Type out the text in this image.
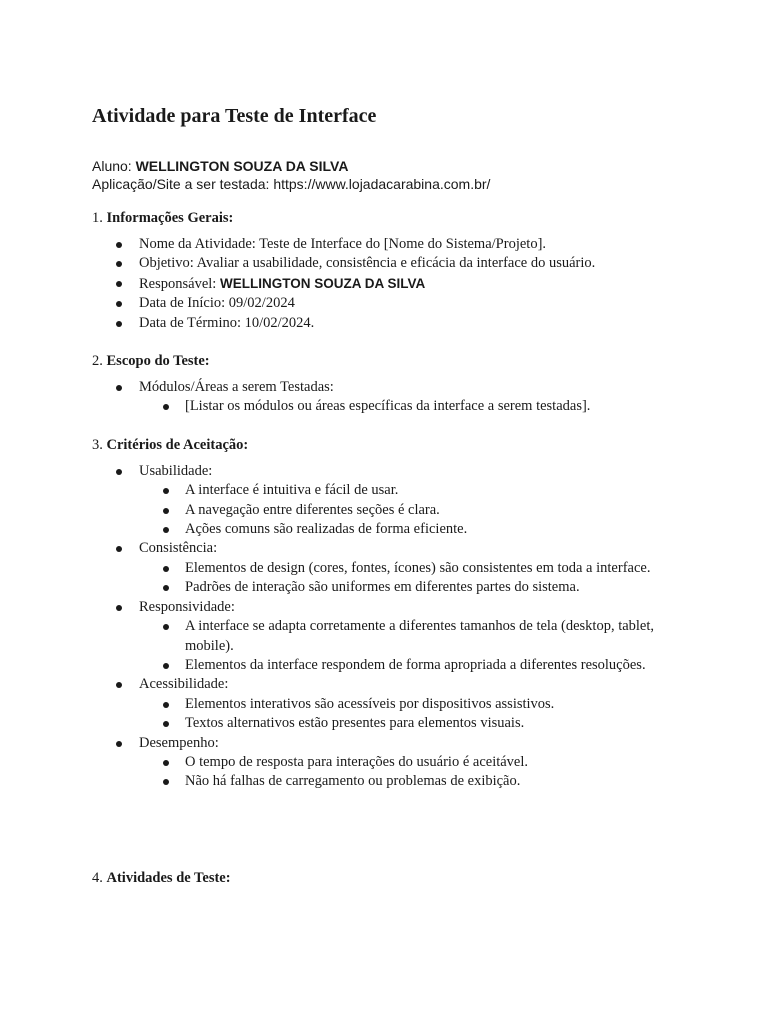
Atividade para Teste de Interface
Aluno: WELLINGTON SOUZA DA SILVA
Aplicação/Site a ser testada: https://www.lojadacarabina.com.br/
1. Informações Gerais:
Nome da Atividade: Teste de Interface do [Nome do Sistema/Projeto].
Objetivo: Avaliar a usabilidade, consistência e eficácia da interface do usuário.
Responsável: WELLINGTON SOUZA DA SILVA
Data de Início: 09/02/2024
Data de Término: 10/02/2024.
2. Escopo do Teste:
Módulos/Áreas a serem Testadas:
[Listar os módulos ou áreas específicas da interface a serem testadas].
3. Critérios de Aceitação:
Usabilidade:
A interface é intuitiva e fácil de usar.
A navegação entre diferentes seções é clara.
Ações comuns são realizadas de forma eficiente.
Consistência:
Elementos de design (cores, fontes, ícones) são consistentes em toda a interface.
Padrões de interação são uniformes em diferentes partes do sistema.
Responsividade:
A interface se adapta corretamente a diferentes tamanhos de tela (desktop, tablet, mobile).
Elementos da interface respondem de forma apropriada a diferentes resoluções.
Acessibilidade:
Elementos interativos são acessíveis por dispositivos assistivos.
Textos alternativos estão presentes para elementos visuais.
Desempenho:
O tempo de resposta para interações do usuário é aceitável.
Não há falhas de carregamento ou problemas de exibição.
4. Atividades de Teste:
